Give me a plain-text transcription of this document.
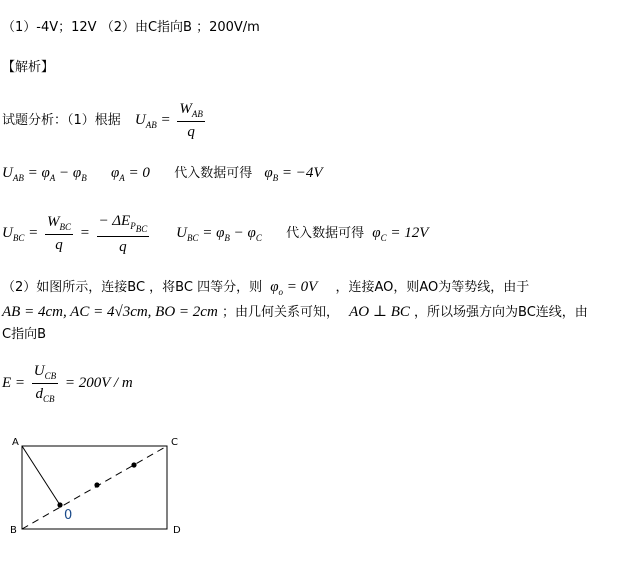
（1）-4V；12V （2）由C指向B ；200V/m
【解析】
试题分析：（1）根据 $U_{AB} = \frac{W_{AB}}{q}$
$U_{AB} = \varphi_A - \varphi_B$ $\varphi_A = 0$ 代入数据可得 $\varphi_B = -4V$
$U_{BC} = \frac{W_{BC}}{q} = \frac{- \Delta E_{P_{BC}}}{q} U_{BC} = \varphi_B - \varphi_C$ 代入数据可得 $\varphi_C = 12V$
（2）如图所示，连接BC ，将BC 四等分，则 $\varphi_o = 0V$ ，连接AO，则AO为等势线，由于
AB = 4cm, AC = 4√3cm, BO = 2cm ；由几何关系可知， AO ⊥ BC ，所以场强方向为BC连线，由
C指向B
$E = \frac{U_{CB}}{d_{CB}} = 200V / m$
A
B
C
D
0
